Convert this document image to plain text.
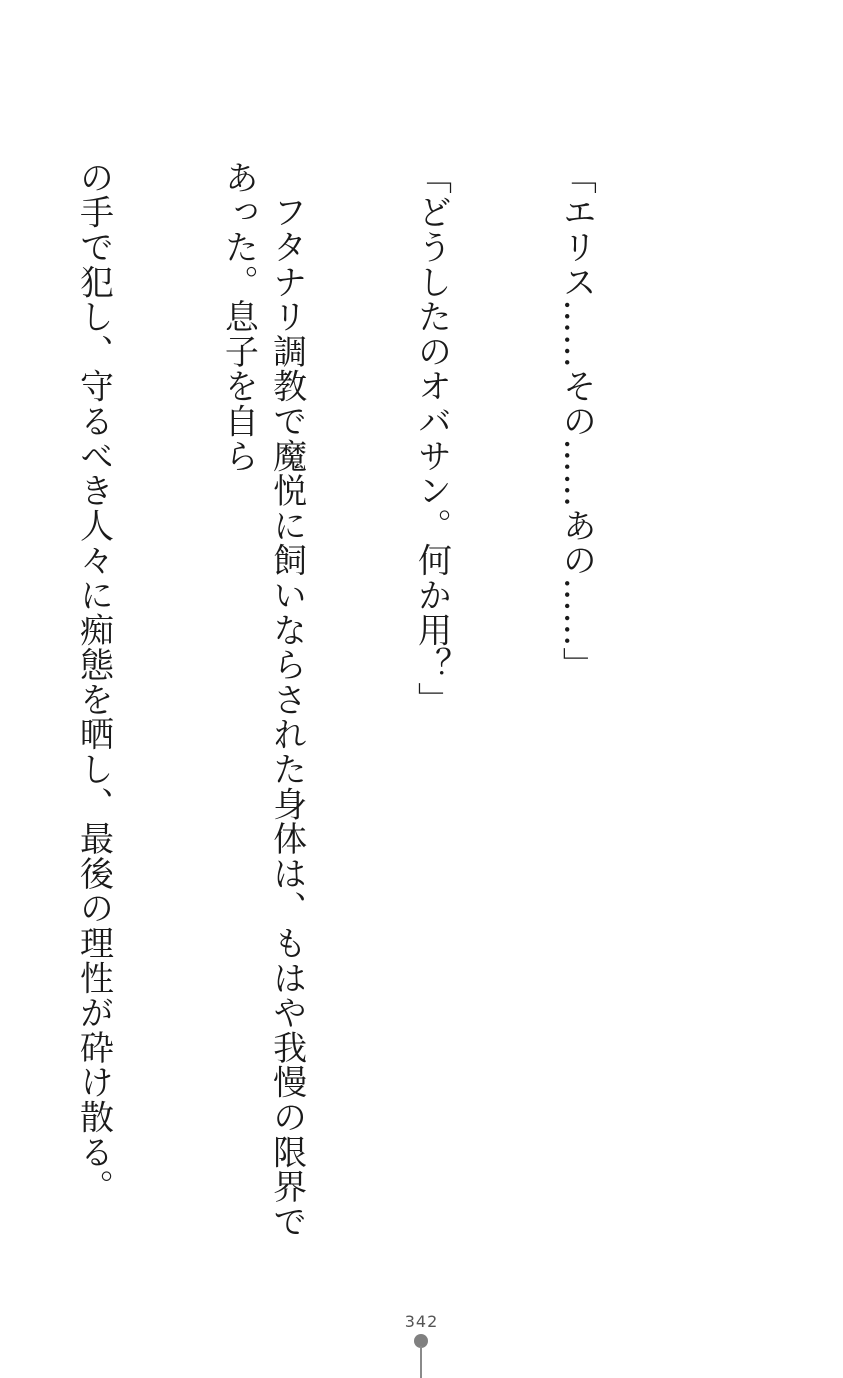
「エリス……その……あの……」

「どうしたのオバサン。何か用？」

　フタナリ調教で魔悦に飼いならされた身体は、もはや我慢の限界であった。息子を自ら

の手で犯し、守るべき人々に痴態を晒し、最後の理性が砕け散る。

342
